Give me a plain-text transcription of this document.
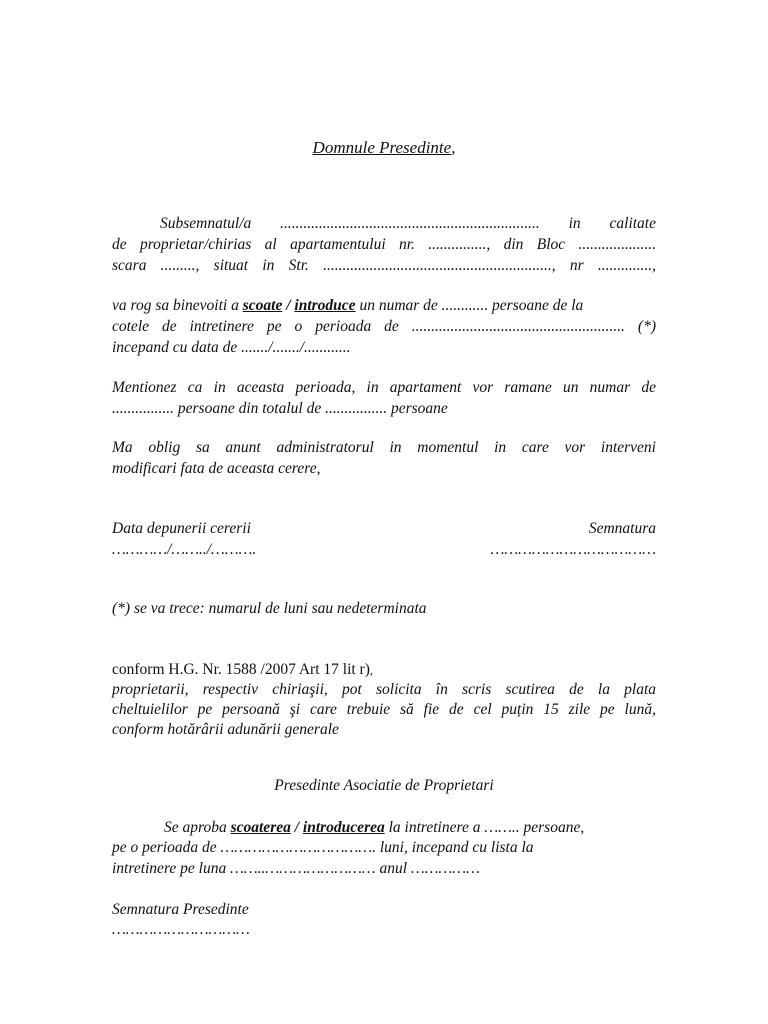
Domnule Presedinte,
Subsemnatul/a ................................................................... in calitate
de proprietar/chirias al apartamentului nr. ..............., din Bloc ....................
scara ........., situat in Str. ..........................................................., nr ..............,
va rog sa binevoiti a scoate / introduce un numar de ............ persoane de la
cotele de intretinere pe o perioada de ....................................................... (*)
incepand cu data de ......./......./............
Mentionez ca in aceasta perioada, in apartament vor ramane un numar de
................ persoane din totalul de ................ persoane
Ma oblig sa anunt administratorul in momentul in care vor interveni
modificari fata de aceasta cerere,
Data depunerii cererii	Semnatura
…………/……../……….	………………………………
(*) se va trece: numarul de luni sau nedeterminata
conform H.G. Nr. 1588 /2007 Art 17 lit r),
proprietarii, respectiv chiriaşii, pot solicita în scris scutirea de la plata
cheltuielilor pe persoană şi care trebuie să fie de cel puțin 15 zile pe lună,
conform hotărârii adunării generale
Presedinte Asociatie de Proprietari
Se aproba scoaterea / introducerea la intretinere a …….. persoane,
pe o perioada de ……………………………. luni, incepand cu lista la
intretinere pe luna ……..…………………… anul ……………
Semnatura Presedinte
…………………………
